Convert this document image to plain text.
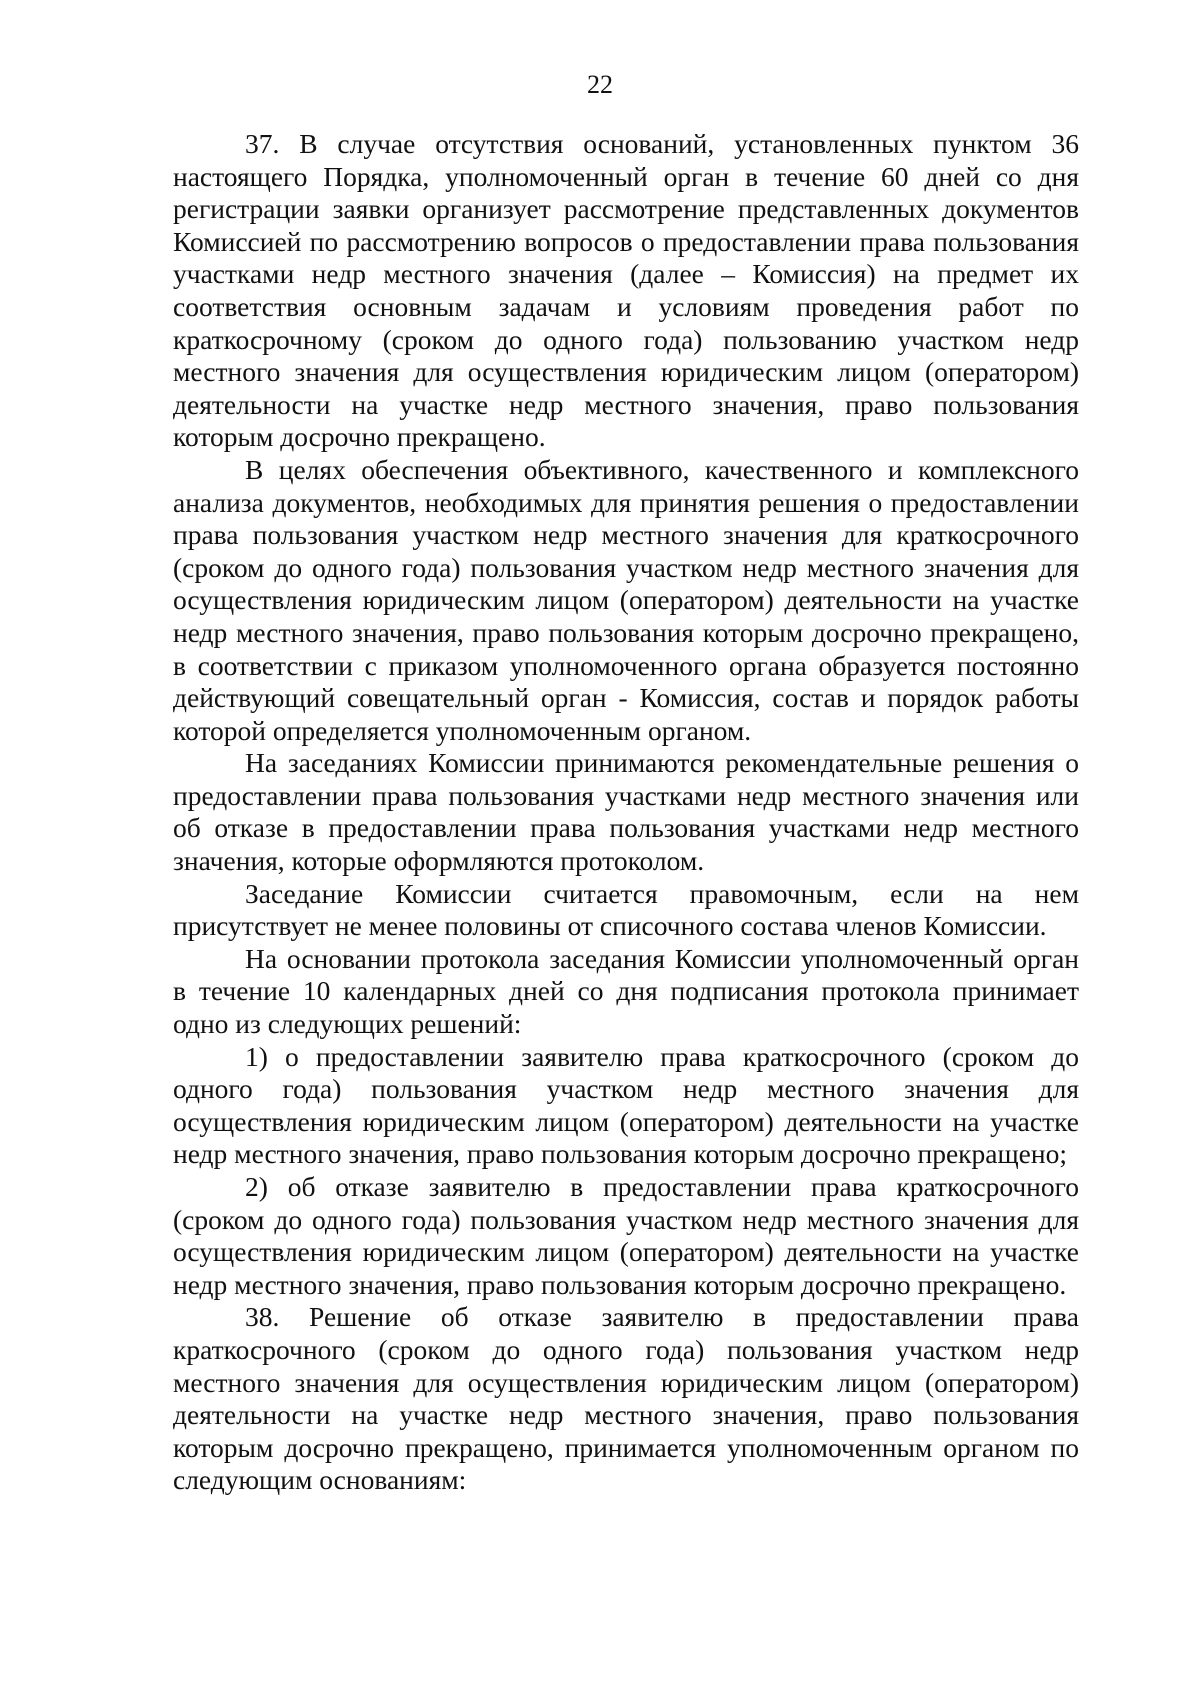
22

37. В случае отсутствия оснований, установленных пунктом 36 настоящего Порядка, уполномоченный орган в течение 60 дней со дня регистрации заявки организует рассмотрение представленных документов Комиссией по рассмотрению вопросов о предоставлении права пользования участками недр местного значения (далее – Комиссия) на предмет их соответствия основным задачам и условиям проведения работ по краткосрочному (сроком до одного года) пользованию участком недр местного значения для осуществления юридическим лицом (оператором) деятельности на участке недр местного значения, право пользования которым досрочно прекращено.

В целях обеспечения объективного, качественного и комплексного анализа документов, необходимых для принятия решения о предоставлении права пользования участком недр местного значения для краткосрочного (сроком до одного года) пользования участком недр местного значения для осуществления юридическим лицом (оператором) деятельности на участке недр местного значения, право пользования которым досрочно прекращено, в соответствии с приказом уполномоченного органа образуется постоянно действующий совещательный орган - Комиссия, состав и порядок работы которой определяется уполномоченным органом.

На заседаниях Комиссии принимаются рекомендательные решения о предоставлении права пользования участками недр местного значения или об отказе в предоставлении права пользования участками недр местного значения, которые оформляются протоколом.

Заседание Комиссии считается правомочным, если на нем присутствует не менее половины от списочного состава членов Комиссии.

На основании протокола заседания Комиссии уполномоченный орган в течение 10 календарных дней со дня подписания протокола принимает одно из следующих решений:

1) о предоставлении заявителю права краткосрочного (сроком до одного года) пользования участком недр местного значения для осуществления юридическим лицом (оператором) деятельности на участке недр местного значения, право пользования которым досрочно прекращено;

2) об отказе заявителю в предоставлении права краткосрочного (сроком до одного года) пользования участком недр местного значения для осуществления юридическим лицом (оператором) деятельности на участке недр местного значения, право пользования которым досрочно прекращено.

38. Решение об отказе заявителю в предоставлении права краткосрочного (сроком до одного года) пользования участком недр местного значения для осуществления юридическим лицом (оператором) деятельности на участке недр местного значения, право пользования которым досрочно прекращено, принимается уполномоченным органом по следующим основаниям:
